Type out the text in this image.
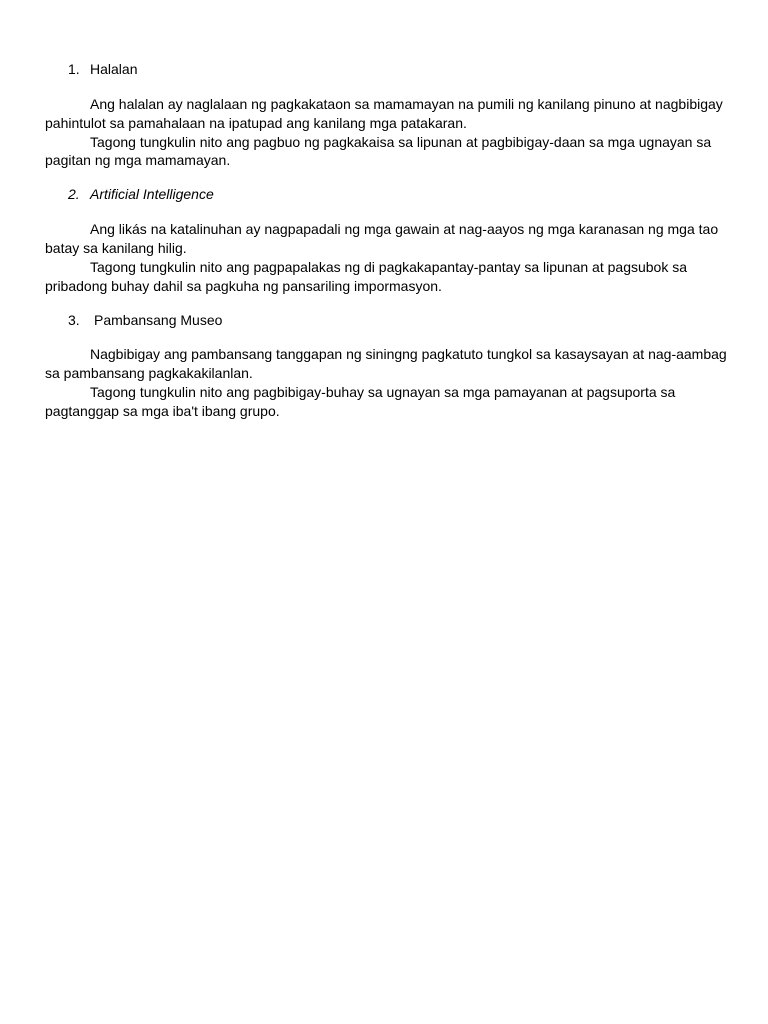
1. Halalan

Ang halalan ay naglalaan ng pagkakataon sa mamamayan na pumili ng kanilang pinuno at nagbibigay

pahintulot sa pamahalaan na ipatupad ang kanilang mga patakaran.

Tagong tungkulin nito ang pagbuo ng pagkakaisa sa lipunan at pagbibigay-daan sa mga ugnayan sa

pagitan ng mga mamamayan.

2. Artificial Intelligence

Ang likás na katalinuhan ay nagpapadali ng mga gawain at nag-aayos ng mga karanasan ng mga tao

batay sa kanilang hilig.

Tagong tungkulin nito ang pagpapalakas ng di pagkakapantay-pantay sa lipunan at pagsubok sa

pribadong buhay dahil sa pagkuha ng pansariling impormasyon.

3. Pambansang Museo

Nagbibigay ang pambansang tanggapan ng siningng pagkatuto tungkol sa kasaysayan at nag-aambag

sa pambansang pagkakakilanlan.

Tagong tungkulin nito ang pagbibigay-buhay sa ugnayan sa mga pamayanan at pagsuporta sa

pagtanggap sa mga iba't ibang grupo.
